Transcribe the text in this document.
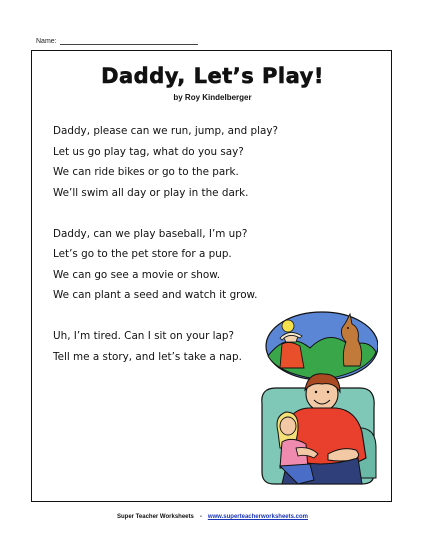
Name:
Daddy, Let’s Play!
by Roy Kindelberger
Daddy, please can we run, jump, and play?
Let us go play tag, what do you say?
We can ride bikes or go to the park.
We’ll swim all day or play in the dark.
Daddy, can we play baseball, I’m up?
Let’s go to the pet store for a pup.
We can go see a movie or show.
We can plant a seed and watch it grow.
Uh, I’m tired. Can I sit on your lap?
Tell me a story, and let’s take a nap.
Super Teacher Worksheets - www.superteacherworksheets.com
